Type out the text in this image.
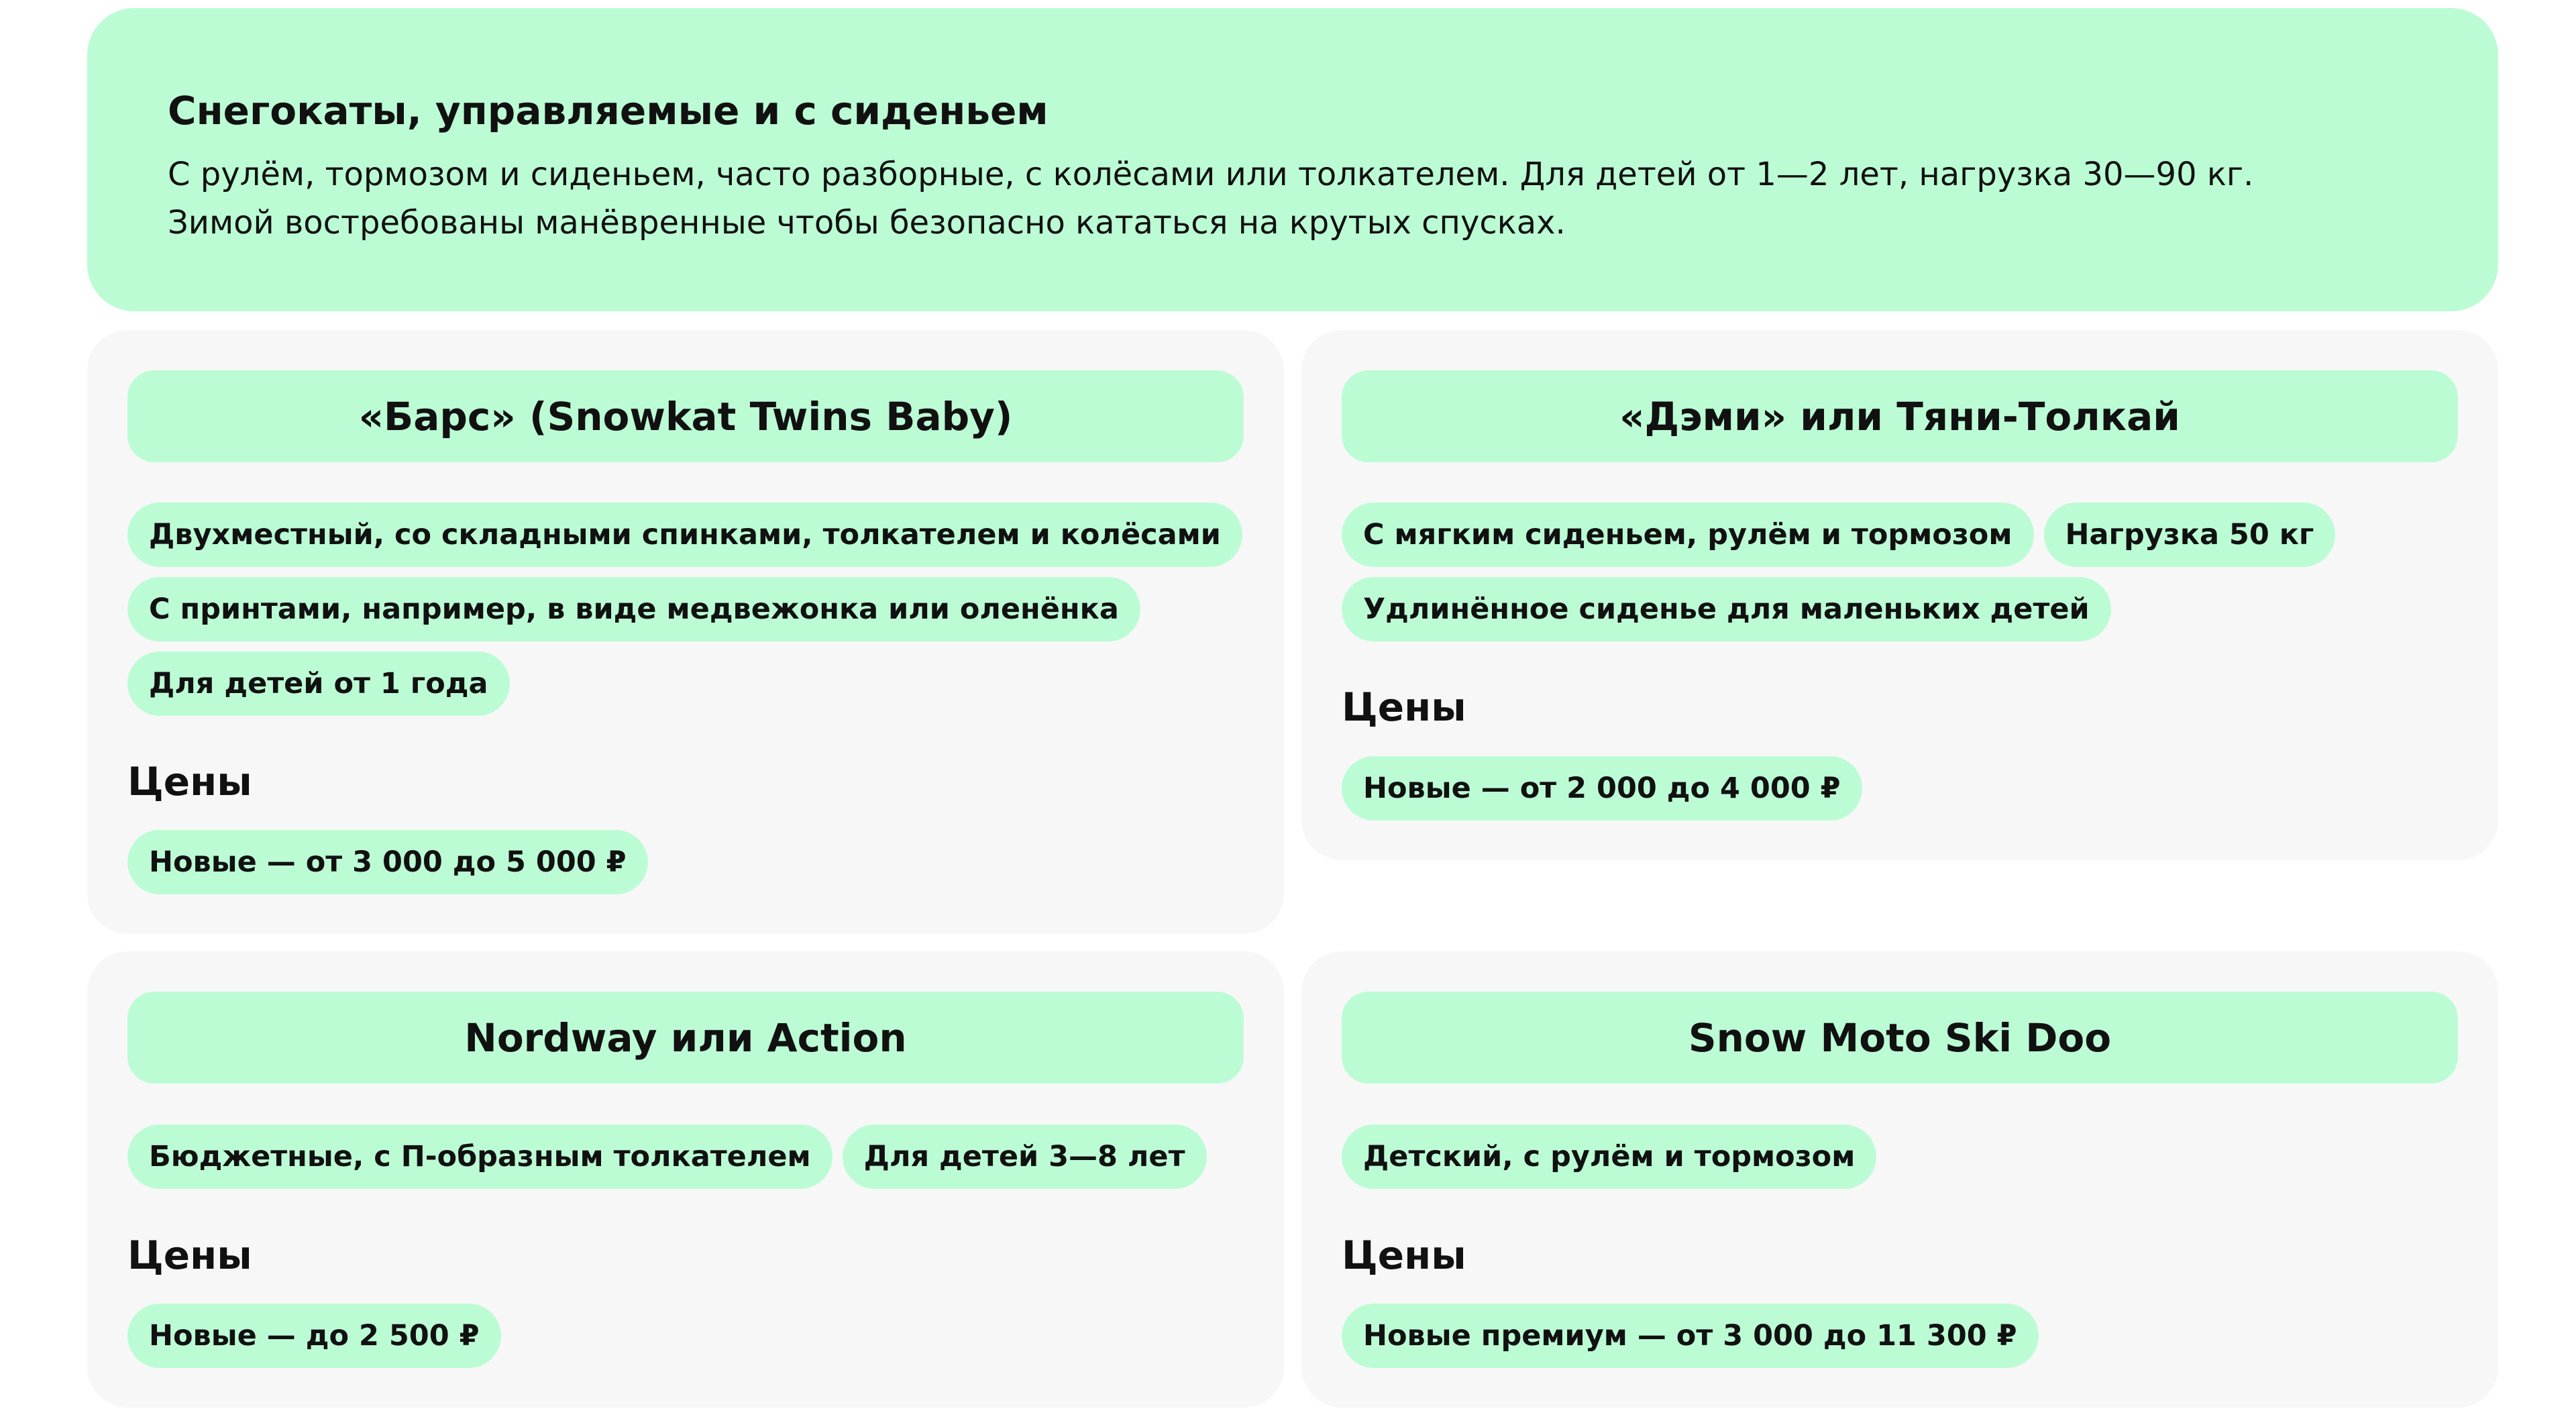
Снегокаты, управляемые и с сиденьем

С рулём, тормозом и сиденьем, часто разборные, с колёсами или толкателем. Для детей от 1—2 лет, нагрузка 30—90 кг.
Зимой востребованы манёвренные чтобы безопасно кататься на крутых спусках.

«Барс» (Snowkat Twins Baby)
Двухместный, со складными спинками, толкателем и колёсами
С принтами, например, в виде медвежонка или оленёнка
Для детей от 1 года
Цены
Новые — от 3 000 до 5 000 ₽
«Дэми» или Тяни-Толкай
С мягким сиденьем, рулём и тормозом	Нагрузка 50 кг
Удлинённое сиденье для маленьких детей
Цены
Новые — от 2 000 до 4 000 ₽
Nordway или Action
Бюджетные, с П-образным толкателем	Для детей 3—8 лет
Цены
Новые — до 2 500 ₽
Snow Moto Ski Doo
Детский, с рулём и тормозом
Цены
Новые премиум — от 3 000 до 11 300 ₽
